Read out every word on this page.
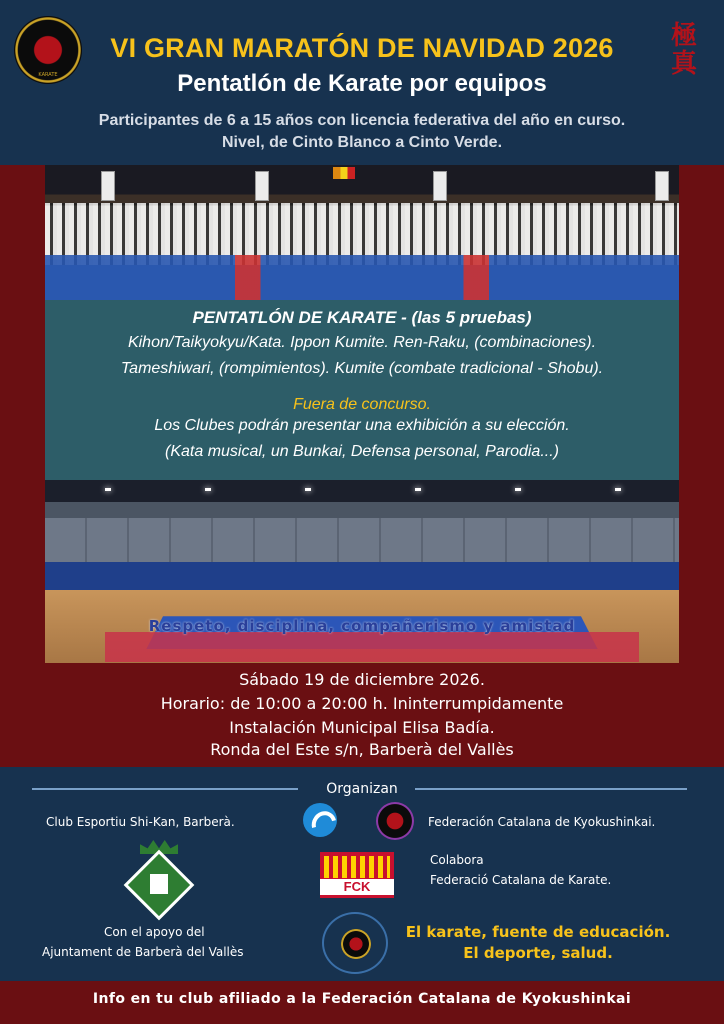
KARATE
極
真
VI GRAN MARATÓN DE NAVIDAD 2026
Pentatlón de Karate por equipos
Participantes de 6 a 15 años con licencia federativa del año en curso.
Nivel, de Cinto Blanco a Cinto Verde.
PENTATLÓN DE KARATE - (las 5 pruebas)
Kihon/Taikyokyu/Kata. Ippon Kumite. Ren-Raku, (combinaciones).
Tameshiwari, (rompimientos). Kumite (combate tradicional - Shobu).
Fuera de concurso.
Los Clubes podrán presentar una exhibición a su elección.
(Kata musical, un Bunkai, Defensa personal, Parodia...)
Respeto, disciplina, compañerismo y amistad
Sábado 19 de diciembre 2026.
Horario: de 10:00 a 20:00 h. Ininterrumpidamente
Instalación Municipal Elisa Badía.
Ronda del Este s/n, Barberà del Vallès
Organizan
Club Esportiu Shi-Kan, Barberà.	Federación Catalana de Kyokushinkai.
FCK
Colabora
Federació Catalana de Karate.
Con el apoyo del
Ajuntament de Barberà del Vallès
El karate, fuente de educación.
El deporte, salud.
Info en tu club afiliado a la Federación Catalana de Kyokushinkai
